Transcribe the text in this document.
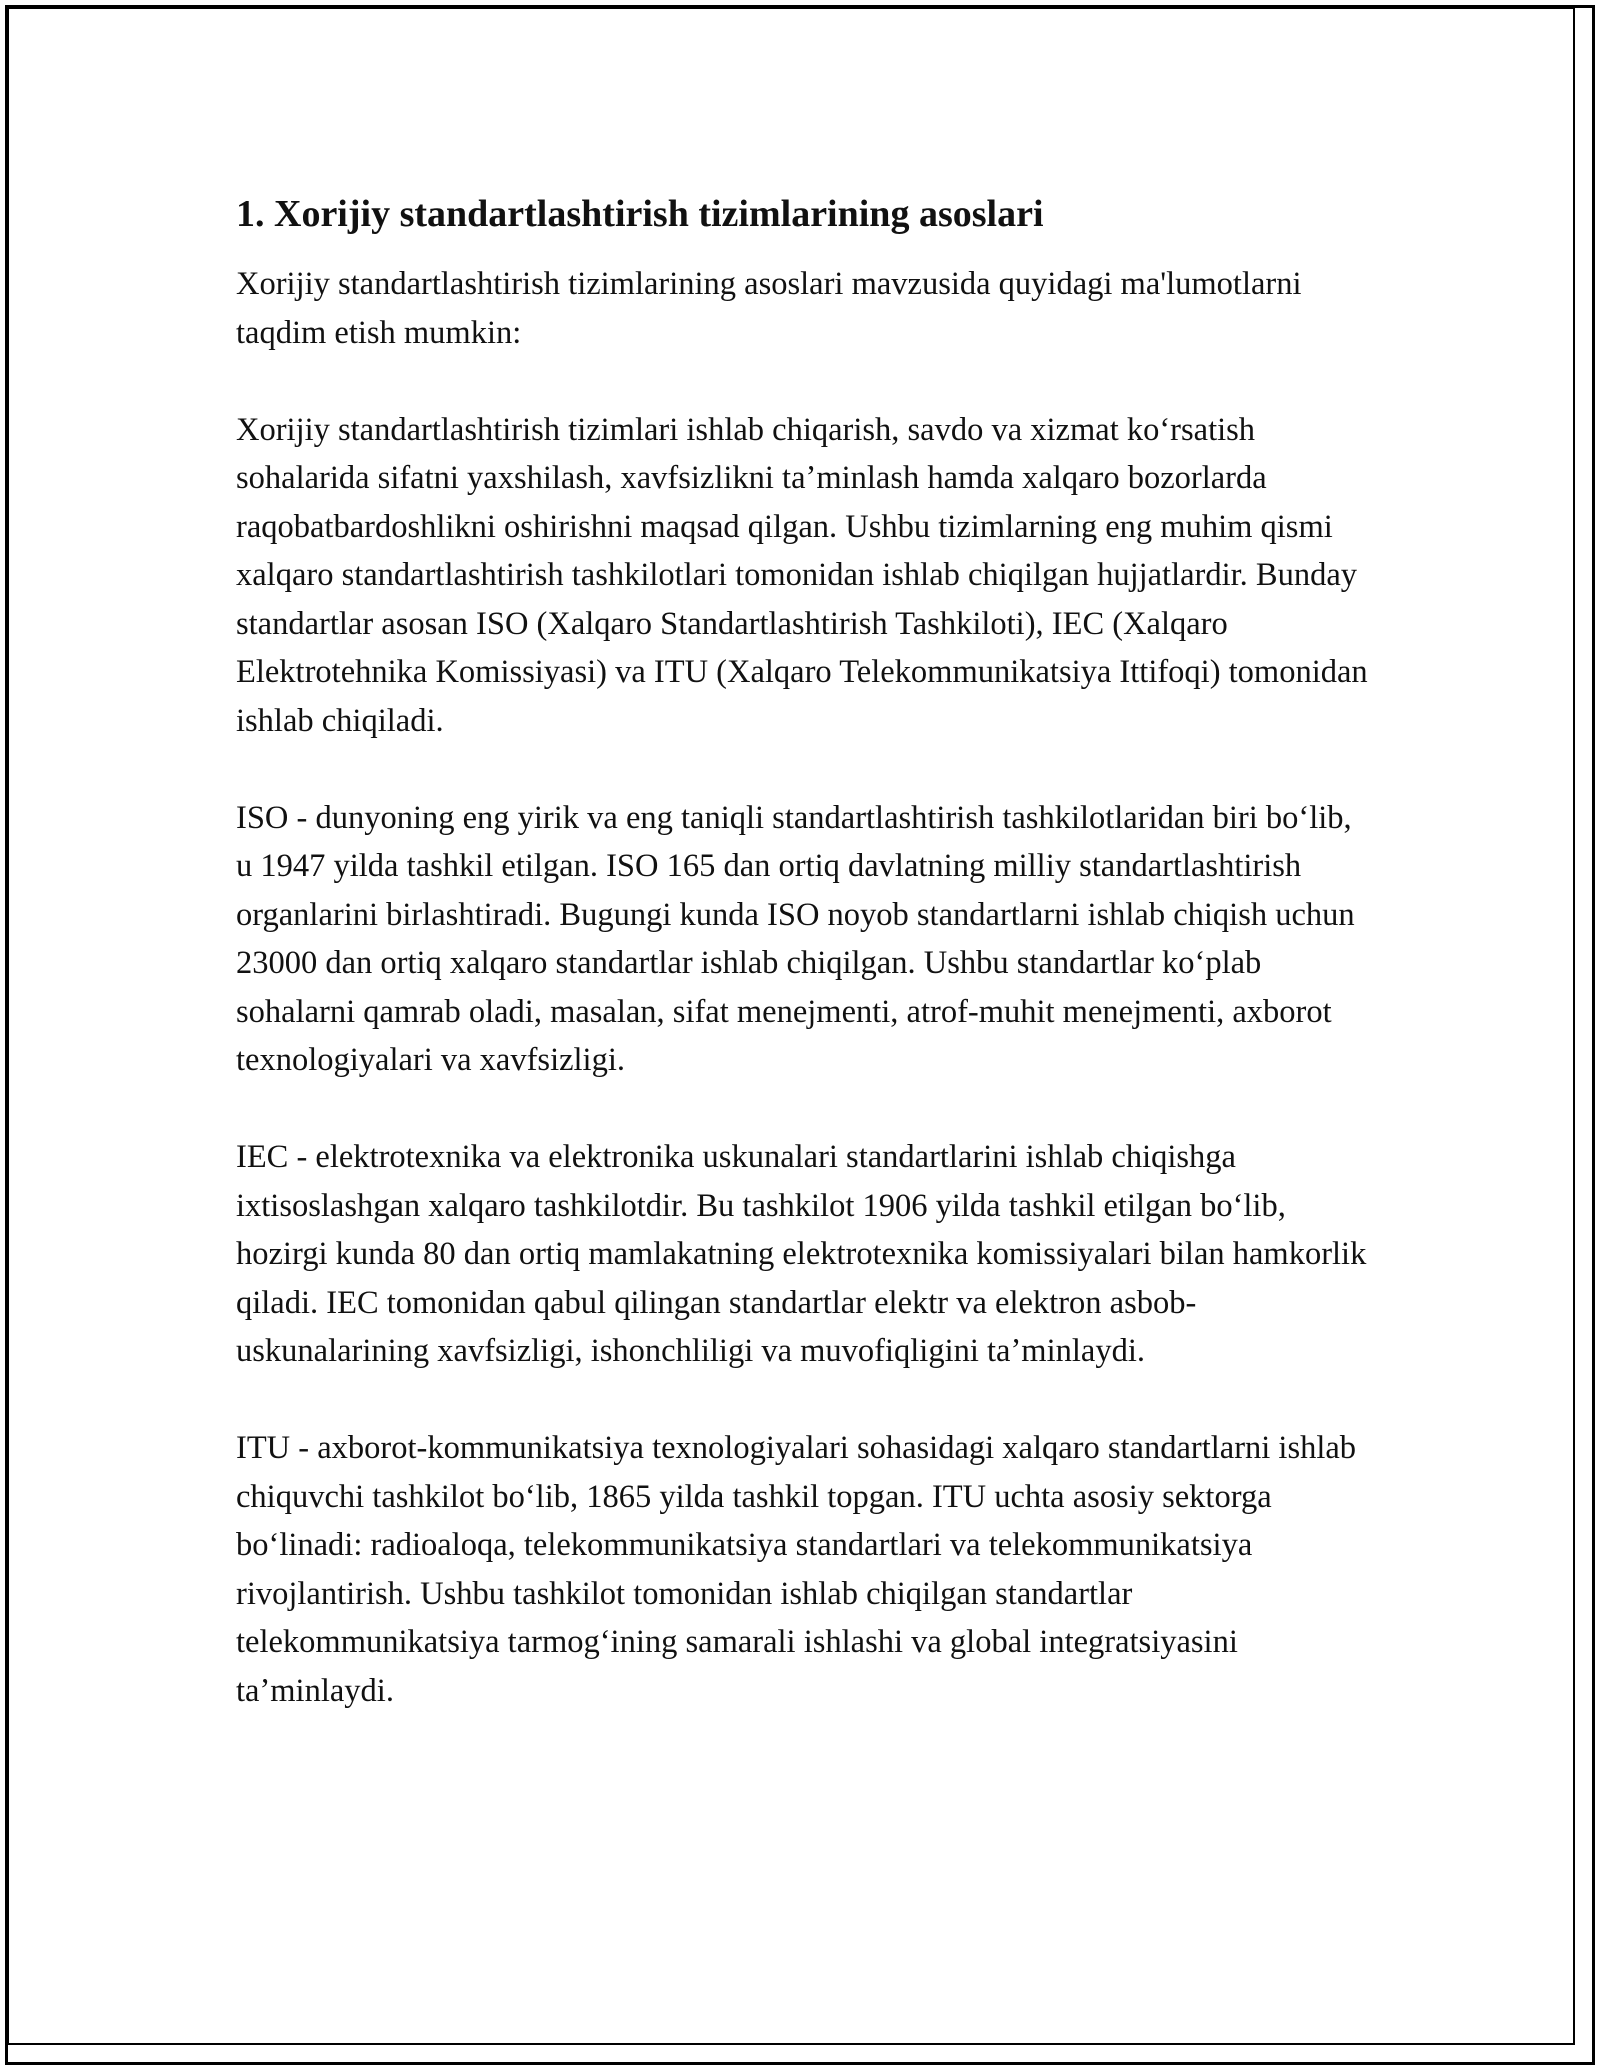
1. Xorijiy standartlashtirish tizimlarining asoslari

Xorijiy standartlashtirish tizimlarining asoslari mavzusida quyidagi ma'lumotlarni taqdim etish mumkin:

Xorijiy standartlashtirish tizimlari ishlab chiqarish, savdo va xizmat koʻrsatish sohalarida sifatni yaxshilash, xavfsizlikni taʼminlash hamda xalqaro bozorlarda raqobatbardoshlikni oshirishni maqsad qilgan. Ushbu tizimlarning eng muhim qismi xalqaro standartlashtirish tashkilotlari tomonidan ishlab chiqilgan hujjatlardir. Bunday standartlar asosan ISO (Xalqaro Standartlashtirish Tashkiloti), IEC (Xalqaro Elektrotehnika Komissiyasi) va ITU (Xalqaro Telekommunikatsiya Ittifoqi) tomonidan ishlab chiqiladi.

ISO - dunyoning eng yirik va eng taniqli standartlashtirish tashkilotlaridan biri boʻlib, u 1947 yilda tashkil etilgan. ISO 165 dan ortiq davlatning milliy standartlashtirish organlarini birlashtiradi. Bugungi kunda ISO noyob standartlarni ishlab chiqish uchun 23000 dan ortiq xalqaro standartlar ishlab chiqilgan. Ushbu standartlar koʻplab sohalarni qamrab oladi, masalan, sifat menejmenti, atrof-muhit menejmenti, axborot texnologiyalari va xavfsizligi.

IEC - elektrotexnika va elektronika uskunalari standartlarini ishlab chiqishga ixtisoslashgan xalqaro tashkilotdir. Bu tashkilot 1906 yilda tashkil etilgan boʻlib, hozirgi kunda 80 dan ortiq mamlakatning elektrotexnika komissiyalari bilan hamkorlik qiladi. IEC tomonidan qabul qilingan standartlar elektr va elektron asbob-uskunalarining xavfsizligi, ishonchliligi va muvofiqligini taʼminlaydi.

ITU - axborot-kommunikatsiya texnologiyalari sohasidagi xalqaro standartlarni ishlab chiquvchi tashkilot boʻlib, 1865 yilda tashkil topgan. ITU uchta asosiy sektorga boʻlinadi: radioaloqa, telekommunikatsiya standartlari va telekommunikatsiya rivojlantirish. Ushbu tashkilot tomonidan ishlab chiqilgan standartlar telekommunikatsiya tarmogʻining samarali ishlashi va global integratsiyasini taʼminlaydi.
